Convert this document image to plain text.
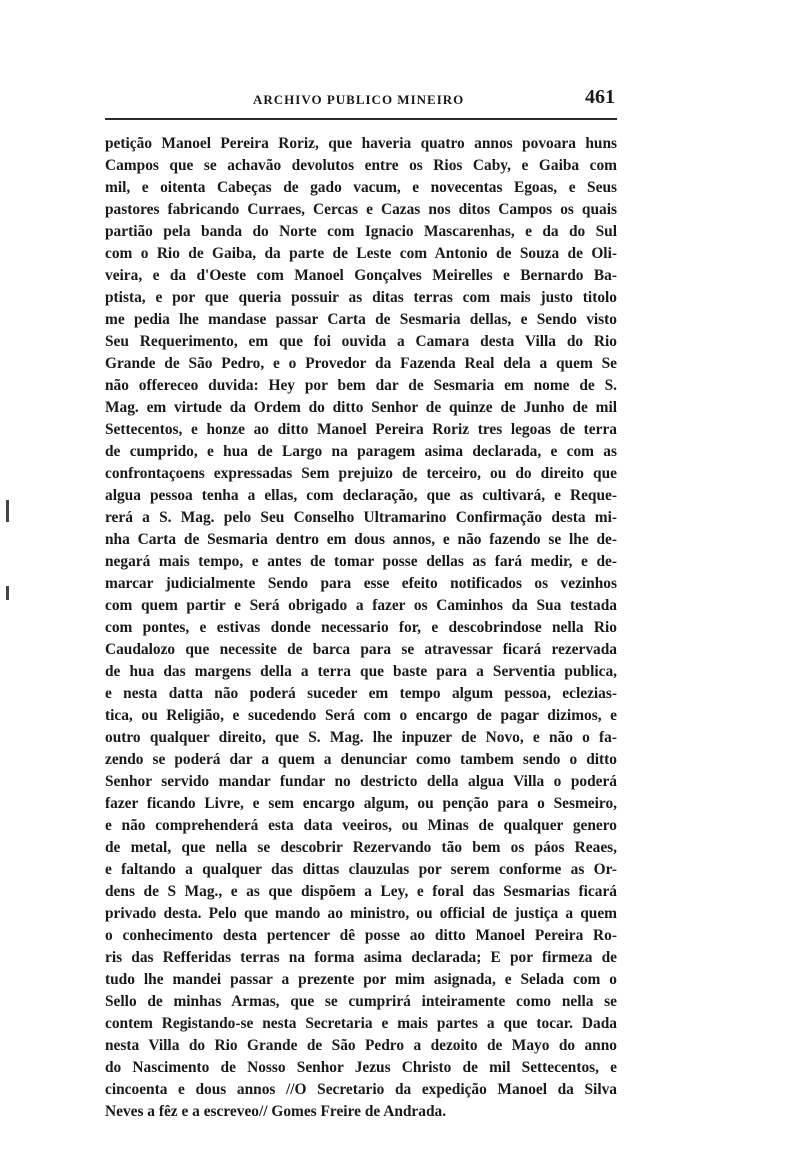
ARCHIVO PUBLICO MINEIRO	461
petição Manoel Pereira Roriz, que haveria quatro annos povoara huns
Campos que se achavão devolutos entre os Rios Caby, e Gaiba com
mil, e oitenta Cabeças de gado vacum, e novecentas Egoas, e Seus
pastores fabricando Curraes, Cercas e Cazas nos ditos Campos os quais
partião pela banda do Norte com Ignacio Mascarenhas, e da do Sul
com o Rio de Gaiba, da parte de Leste com Antonio de Souza de Oli-
veira, e da d'Oeste com Manoel Gonçalves Meirelles e Bernardo Ba-
ptista, e por que queria possuir as ditas terras com mais justo titolo
me pedia lhe mandase passar Carta de Sesmaria dellas, e Sendo visto
Seu Requerimento, em que foi ouvida a Camara desta Villa do Rio
Grande de São Pedro, e o Provedor da Fazenda Real dela a quem Se
não offereceo duvida: Hey por bem dar de Sesmaria em nome de S.
Mag. em virtude da Ordem do ditto Senhor de quinze de Junho de mil
Settecentos, e honze ao ditto Manoel Pereira Roriz tres legoas de terra
de cumprido, e hua de Largo na paragem asima declarada, e com as
confrontaçoens expressadas Sem prejuizo de terceiro, ou do direito que
algua pessoa tenha a ellas, com declaração, que as cultivará, e Reque-
rerá a S. Mag. pelo Seu Conselho Ultramarino Confirmação desta mi-
nha Carta de Sesmaria dentro em dous annos, e não fazendo se lhe de-
negará mais tempo, e antes de tomar posse dellas as fará medir, e de-
marcar judicialmente Sendo para esse efeito notificados os vezinhos
com quem partir e Será obrigado a fazer os Caminhos da Sua testada
com pontes, e estivas donde necessario for, e descobrindose nella Rio
Caudalozo que necessite de barca para se atravessar ficará rezervada
de hua das margens della a terra que baste para a Serventia publica,
e nesta datta não poderá suceder em tempo algum pessoa, eclezias-
tica, ou Religião, e sucedendo Será com o encargo de pagar dizimos, e
outro qualquer direito, que S. Mag. lhe inpuzer de Novo, e não o fa-
zendo se poderá dar a quem a denunciar como tambem sendo o ditto
Senhor servido mandar fundar no destricto della algua Villa o poderá
fazer ficando Livre, e sem encargo algum, ou penção para o Sesmeiro,
e não comprehenderá esta data veeiros, ou Minas de qualquer genero
de metal, que nella se descobrir Rezervando tão bem os páos Reaes,
e faltando a qualquer das dittas clauzulas por serem conforme as Or-
dens de S Mag., e as que dispõem a Ley, e foral das Sesmarias ficará
privado desta. Pelo que mando ao ministro, ou official de justiça a quem
o conhecimento desta pertencer dê posse ao ditto Manoel Pereira Ro-
ris das Refferidas terras na forma asima declarada; E por firmeza de
tudo lhe mandei passar a prezente por mim asignada, e Selada com o
Sello de minhas Armas, que se cumprirá inteiramente como nella se
contem Registando-se nesta Secretaria e mais partes a que tocar. Dada
nesta Villa do Rio Grande de São Pedro a dezoito de Mayo do anno
do Nascimento de Nosso Senhor Jezus Christo de mil Settecentos, e
cincoenta e dous annos //O Secretario da expedição Manoel da Silva
Neves a fêz e a escreveo// Gomes Freire de Andrada.
